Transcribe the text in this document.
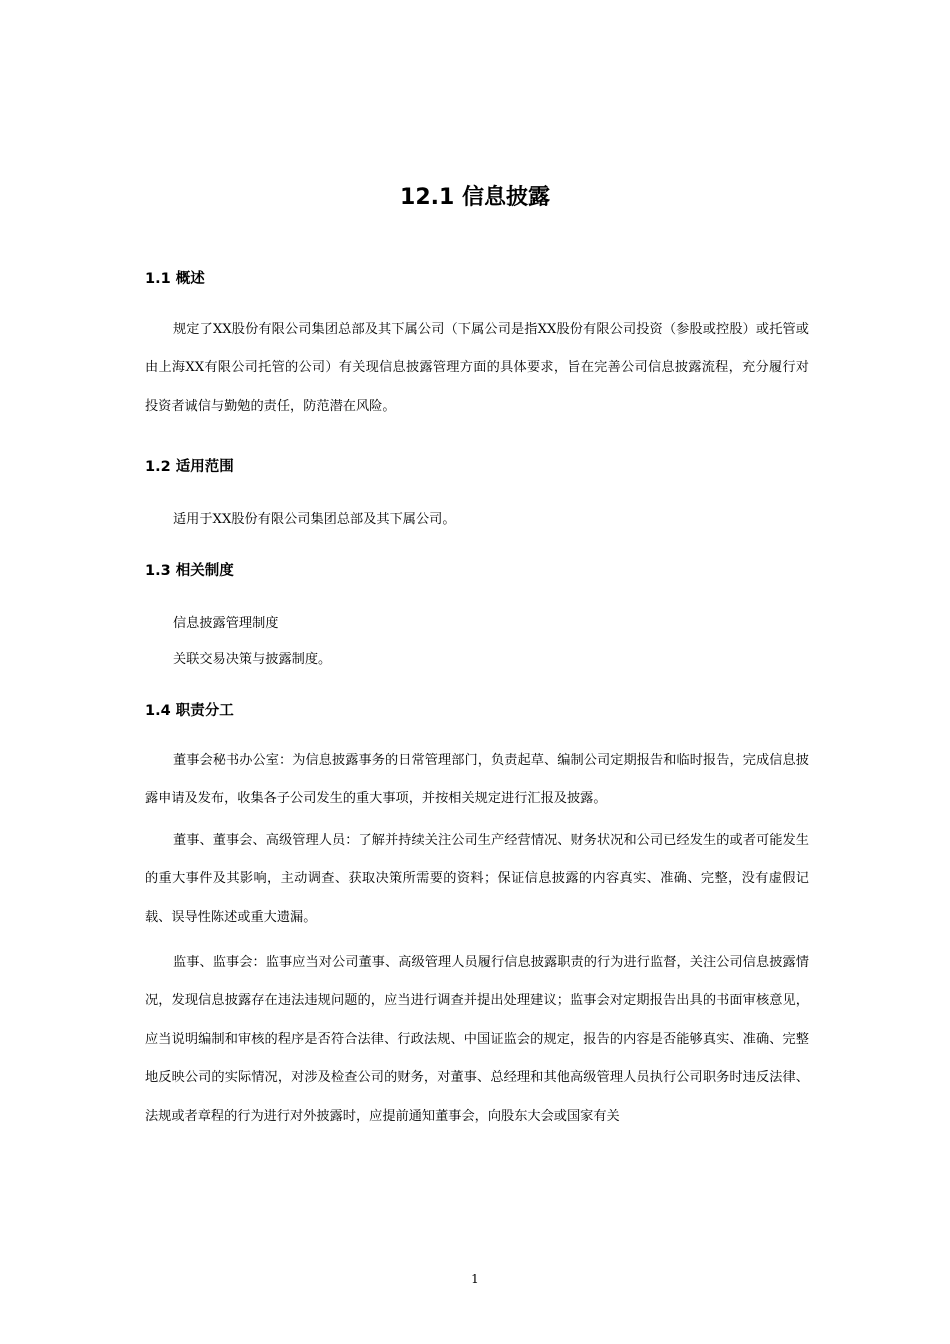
12.1 信息披露
1.1 概述
规定了XX股份有限公司集团总部及其下属公司（下属公司是指XX股份有限公司投资（参股或控股）或托管或由上海XX有限公司托管的公司）有关现信息披露管理方面的具体要求，旨在完善公司信息披露流程，充分履行对投资者诚信与勤勉的责任，防范潜在风险。
1.2 适用范围
适用于XX股份有限公司集团总部及其下属公司。
1.3 相关制度
信息披露管理制度
关联交易决策与披露制度。
1.4 职责分工
董事会秘书办公室：为信息披露事务的日常管理部门，负责起草、编制公司定期报告和临时报告，完成信息披露申请及发布，收集各子公司发生的重大事项，并按相关规定进行汇报及披露。
董事、董事会、高级管理人员：了解并持续关注公司生产经营情况、财务状况和公司已经发生的或者可能发生的重大事件及其影响，主动调查、获取决策所需要的资料；保证信息披露的内容真实、准确、完整，没有虚假记载、误导性陈述或重大遗漏。
监事、监事会：监事应当对公司董事、高级管理人员履行信息披露职责的行为进行监督，关注公司信息披露情况，发现信息披露存在违法违规问题的，应当进行调查并提出处理建议；监事会对定期报告出具的书面审核意见，应当说明编制和审核的程序是否符合法律、行政法规、中国证监会的规定，报告的内容是否能够真实、准确、完整地反映公司的实际情况，对涉及检查公司的财务，对董事、总经理和其他高级管理人员执行公司职务时违反法律、法规或者章程的行为进行对外披露时，应提前通知董事会，向股东大会或国家有关
1
